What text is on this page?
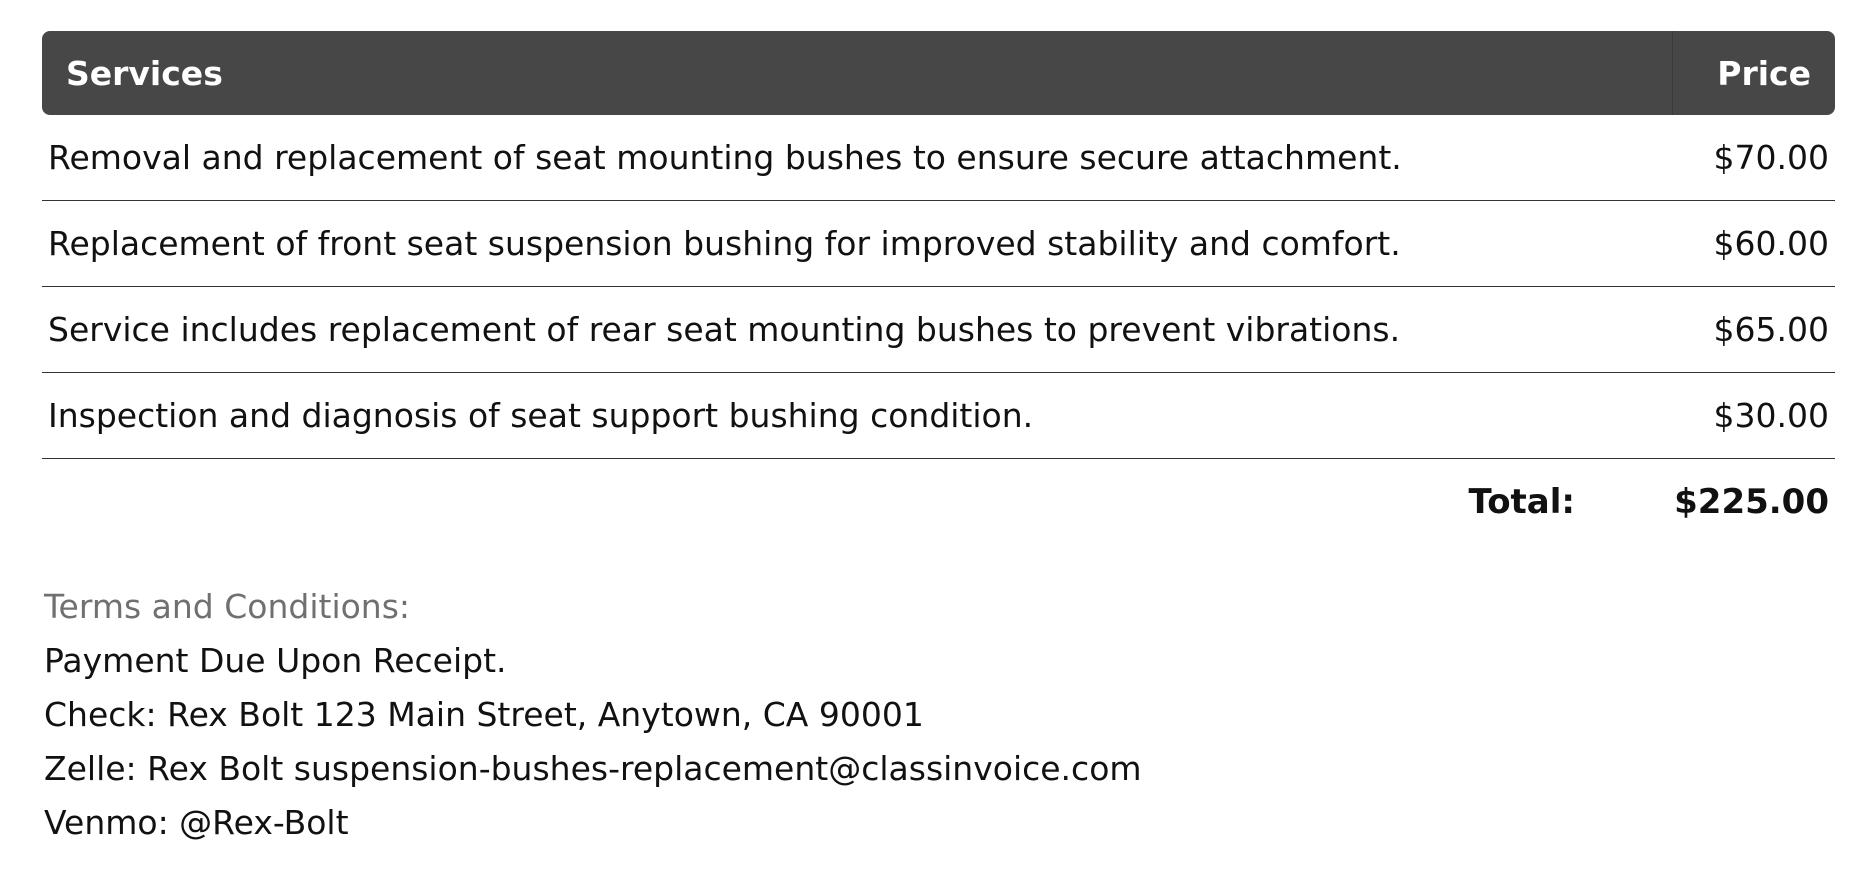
Services	Price
Removal and replacement of seat mounting bushes to ensure secure attachment.	$70.00
Replacement of front seat suspension bushing for improved stability and comfort.	$60.00
Service includes replacement of rear seat mounting bushes to prevent vibrations.	$65.00
Inspection and diagnosis of seat support bushing condition.	$30.00
Total:	$225.00
Terms and Conditions:
Payment Due Upon Receipt.
Check: Rex Bolt 123 Main Street, Anytown, CA 90001
Zelle: Rex Bolt suspension-bushes-replacement@classinvoice.com
Venmo: @Rex-Bolt
